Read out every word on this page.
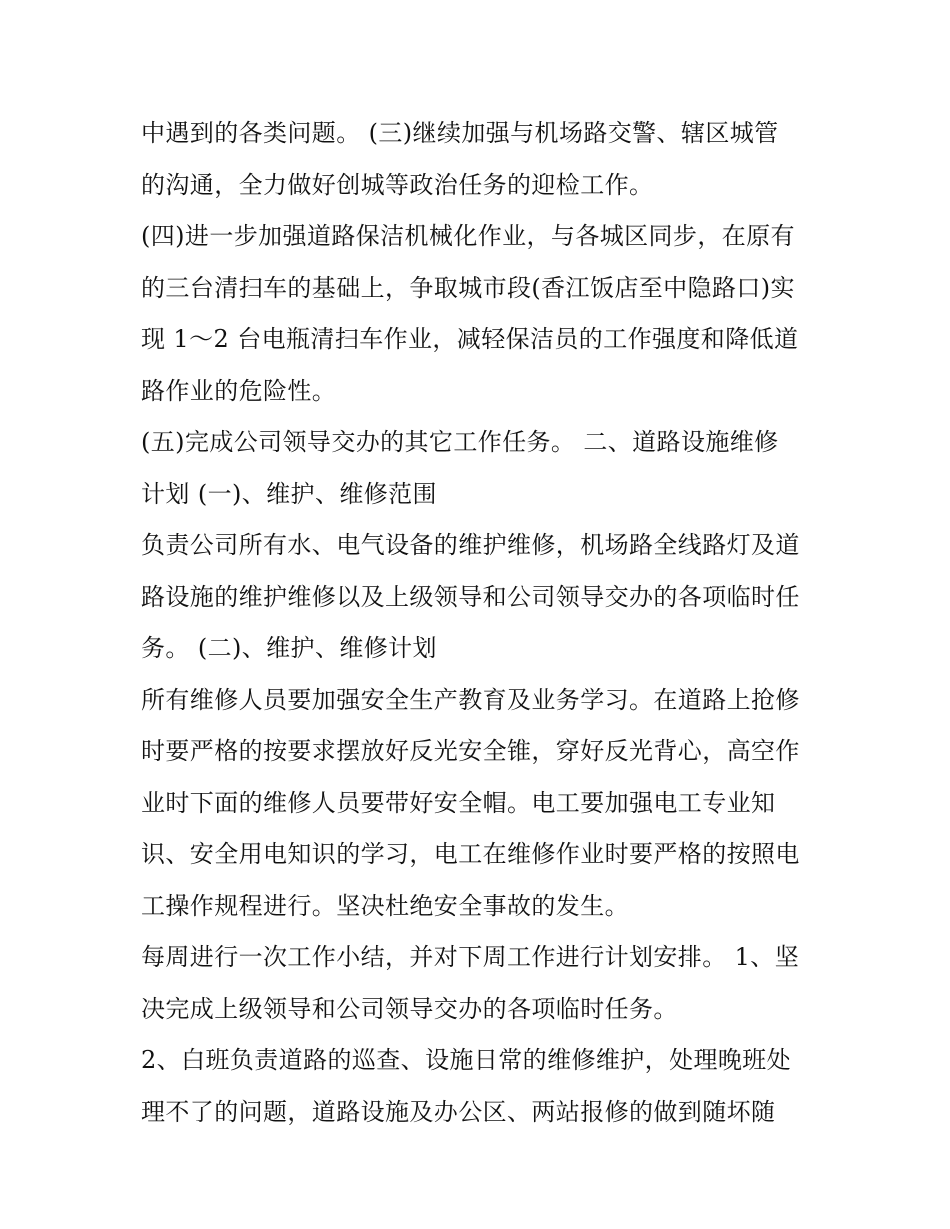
中遇到的各类问题。 (三)继续加强与机场路交警、辖区城管
的沟通，全力做好创城等政治任务的迎检工作。
(四)进一步加强道路保洁机械化作业，与各城区同步，在原有
的三台清扫车的基础上，争取城市段(香江饭店至中隐路口)实
现 1～2 台电瓶清扫车作业，减轻保洁员的工作强度和降低道
路作业的危险性。
(五)完成公司领导交办的其它工作任务。 二、道路设施维修
计划 (一)、维护、维修范围
负责公司所有水、电气设备的维护维修，机场路全线路灯及道
路设施的维护维修以及上级领导和公司领导交办的各项临时任
务。 (二)、维护、维修计划
所有维修人员要加强安全生产教育及业务学习。在道路上抢修
时要严格的按要求摆放好反光安全锥，穿好反光背心，高空作
业时下面的维修人员要带好安全帽。电工要加强电工专业知
识、安全用电知识的学习，电工在维修作业时要严格的按照电
工操作规程进行。坚决杜绝安全事故的发生。
每周进行一次工作小结，并对下周工作进行计划安排。 1、坚
决完成上级领导和公司领导交办的各项临时任务。
2、白班负责道路的巡查、设施日常的维修维护，处理晚班处
理不了的问题，道路设施及办公区、两站报修的做到随坏随
